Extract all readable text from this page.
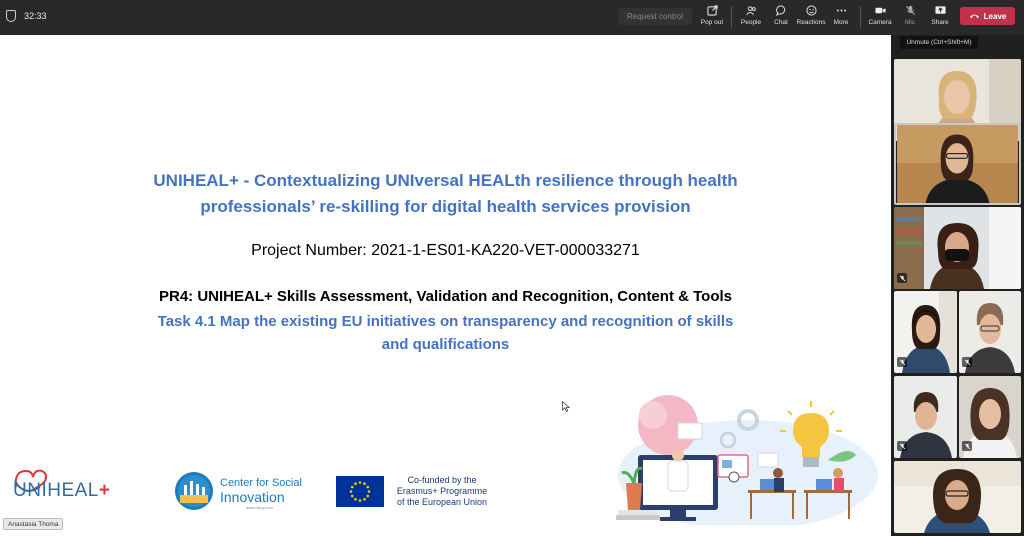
32:33	Request control
Pop out	People Chat Reactions More	Camera Mic	Share
Leave
Unmute (Ctrl+Shift+M)
UNIHEAL+ - Contextualizing UNIversal HEALth resilience through health
professionals’ re-skilling for digital health services provision
Project Number: 2021-1-ES01-KA220-VET-000033271
PR4: UNIHEAL+ Skills Assessment, Validation and Recognition, Content & Tools
Task 4.1 Map the existing EU initiatives on transparency and recognition of skills
and qualifications
UNIHEAL+	Center for Social
Innovation
www.csicy.com
Co-funded by the
Erasmus+ Programme
of the European Union
Anastasia Thoma
